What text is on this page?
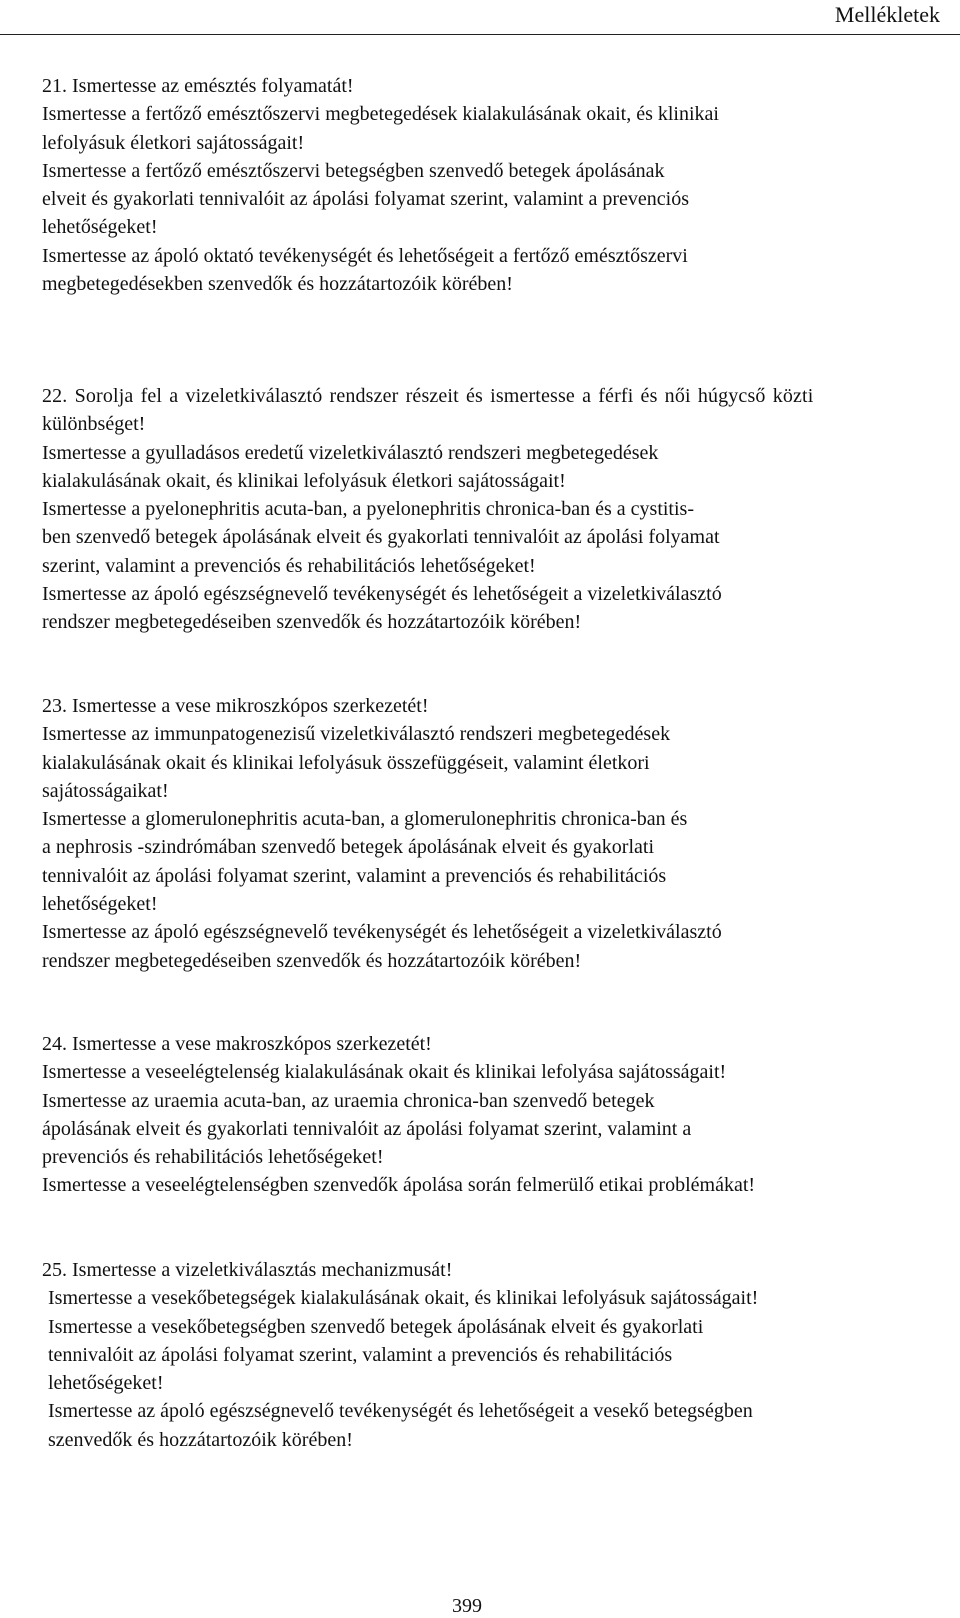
Mellékletek
21. Ismertesse az emésztés folyamatát!
Ismertesse a fertőző emésztőszervi megbetegedések kialakulásának okait, és klinikai
lefolyásuk életkori sajátosságait!
Ismertesse a fertőző emésztőszervi betegségben szenvedő betegek ápolásának
elveit és gyakorlati tennivalóit az ápolási folyamat szerint, valamint a prevenciós
lehetőségeket!
Ismertesse az ápoló oktató tevékenységét és lehetőségeit a fertőző emésztőszervi
megbetegedésekben szenvedők és hozzátartozóik körében!
22. Sorolja fel a vizeletkiválasztó rendszer részeit és ismertesse a férfi és női húgycső közti
különbséget!
Ismertesse a gyulladásos eredetű vizeletkiválasztó rendszeri megbetegedések
kialakulásának okait, és klinikai lefolyásuk életkori sajátosságait!
Ismertesse a pyelonephritis acuta-ban, a pyelonephritis chronica-ban és a cystitis-
ben szenvedő betegek ápolásának elveit és gyakorlati tennivalóit az ápolási folyamat
szerint, valamint a prevenciós és rehabilitációs lehetőségeket!
Ismertesse az ápoló egészségnevelő tevékenységét és lehetőségeit a vizeletkiválasztó
rendszer megbetegedéseiben szenvedők és hozzátartozóik körében!
23. Ismertesse a vese mikroszkópos szerkezetét!
Ismertesse az immunpatogenezisű vizeletkiválasztó rendszeri megbetegedések
kialakulásának okait és klinikai lefolyásuk összefüggéseit, valamint életkori
sajátosságaikat!
Ismertesse a glomerulonephritis acuta-ban, a glomerulonephritis chronica-ban és
a nephrosis -szindrómában szenvedő betegek ápolásának elveit és gyakorlati
tennivalóit az ápolási folyamat szerint, valamint a prevenciós és rehabilitációs
lehetőségeket!
Ismertesse az ápoló egészségnevelő tevékenységét és lehetőségeit a vizeletkiválasztó
rendszer megbetegedéseiben szenvedők és hozzátartozóik körében!
24. Ismertesse a vese makroszkópos szerkezetét!
Ismertesse a veseelégtelenség kialakulásának okait és klinikai lefolyása sajátosságait!
Ismertesse az uraemia acuta-ban, az uraemia chronica-ban szenvedő betegek
ápolásának elveit és gyakorlati tennivalóit az ápolási folyamat szerint, valamint a
prevenciós és rehabilitációs lehetőségeket!
Ismertesse a veseelégtelenségben szenvedők ápolása során felmerülő etikai problémákat!
25. Ismertesse a vizeletkiválasztás mechanizmusát!
Ismertesse a vesekőbetegségek kialakulásának okait, és klinikai lefolyásuk sajátosságait!
Ismertesse a vesekőbetegségben szenvedő betegek ápolásának elveit és gyakorlati
tennivalóit az ápolási folyamat szerint, valamint a prevenciós és rehabilitációs
lehetőségeket!
Ismertesse az ápoló egészségnevelő tevékenységét és lehetőségeit a vesekő betegségben
szenvedők és hozzátartozóik körében!
399
